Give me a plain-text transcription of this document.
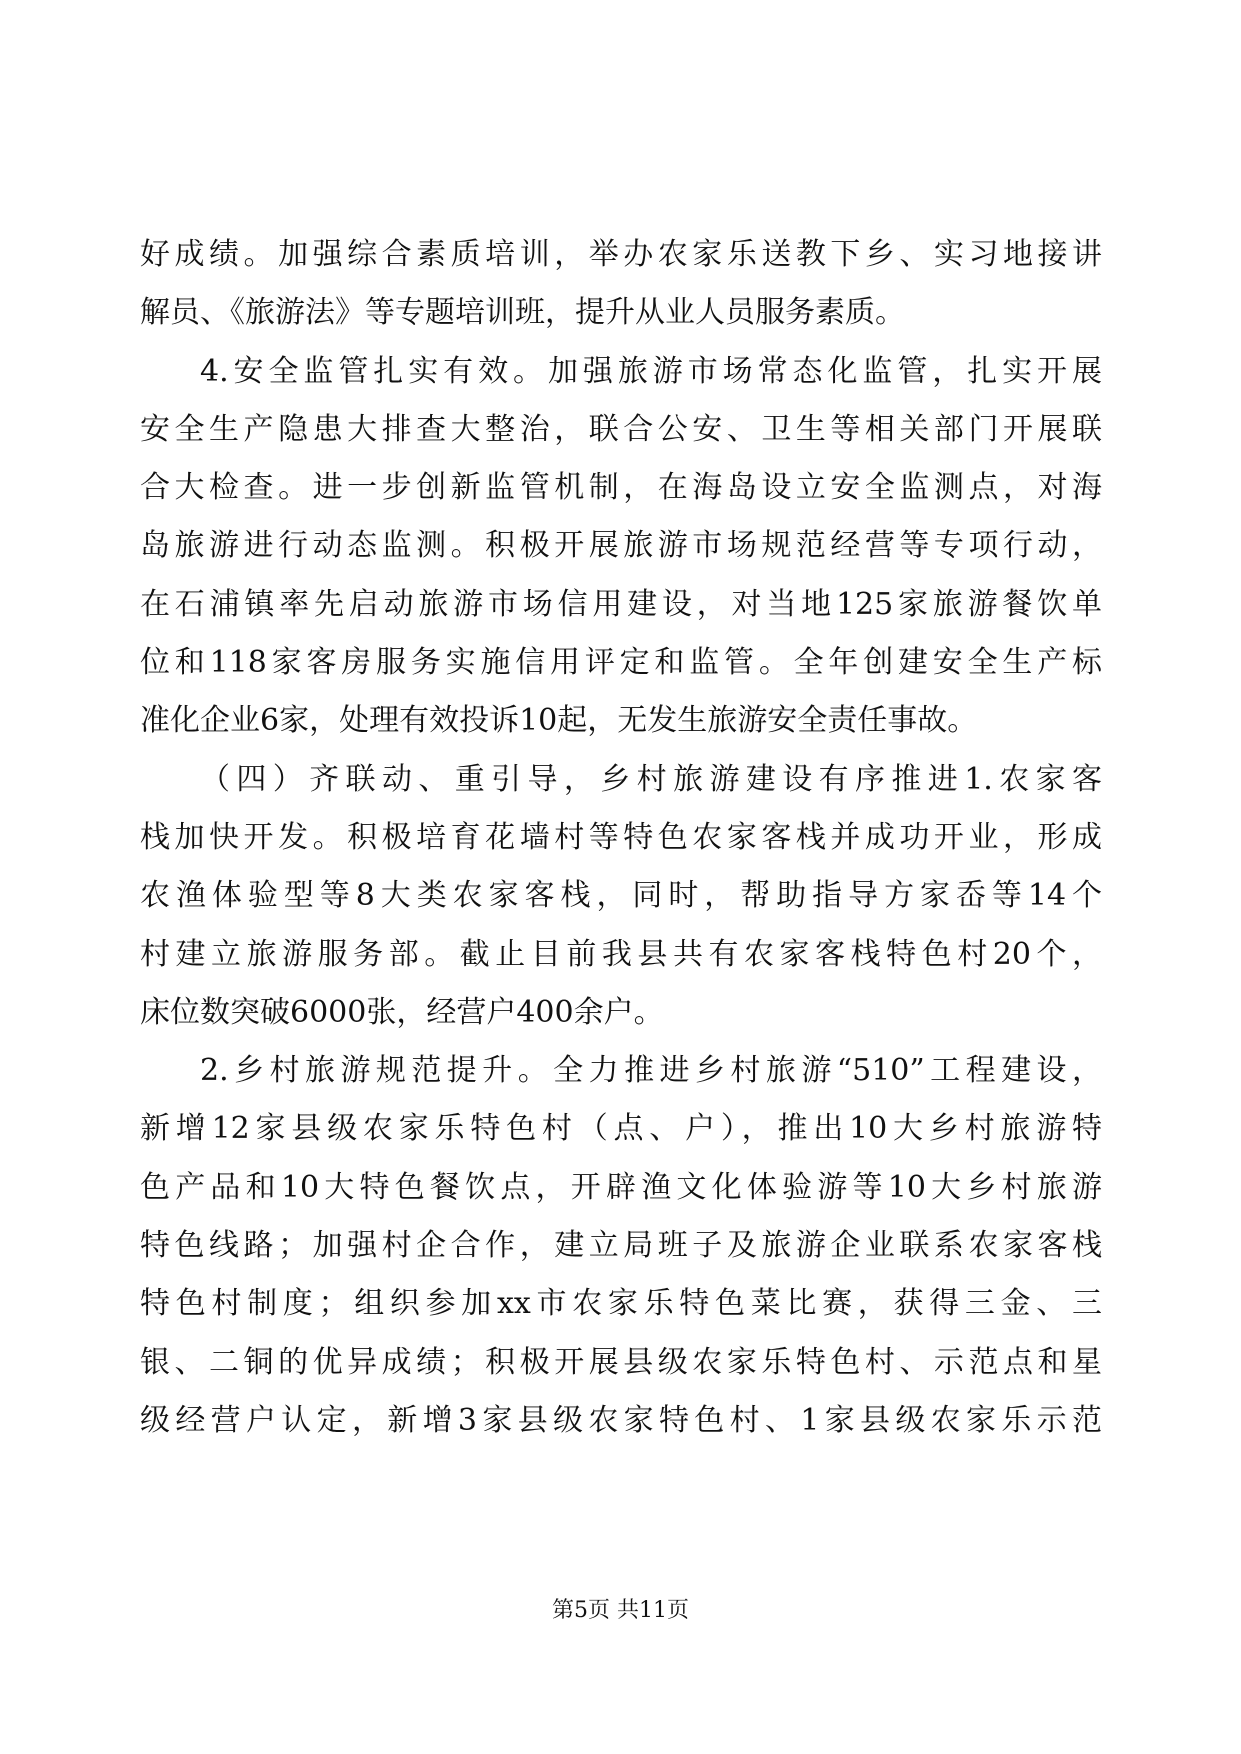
好成绩。加强综合素质培训，举办农家乐送教下乡、实习地接讲
解员、《旅游法》等专题培训班，提升从业人员服务素质。
4.安全监管扎实有效。加强旅游市场常态化监管，扎实开展
安全生产隐患大排查大整治，联合公安、卫生等相关部门开展联
合大检查。进一步创新监管机制，在海岛设立安全监测点，对海
岛旅游进行动态监测。积极开展旅游市场规范经营等专项行动，
在石浦镇率先启动旅游市场信用建设，对当地125家旅游餐饮单
位和118家客房服务实施信用评定和监管。全年创建安全生产标
准化企业6家，处理有效投诉10起，无发生旅游安全责任事故。
（四）齐联动、重引导，乡村旅游建设有序推进1.农家客
栈加快开发。积极培育花墙村等特色农家客栈并成功开业，形成
农渔体验型等8大类农家客栈，同时，帮助指导方家岙等14个
村建立旅游服务部。截止目前我县共有农家客栈特色村20个，
床位数突破6000张，经营户400余户。
2.乡村旅游规范提升。全力推进乡村旅游“510”工程建设，
新增12家县级农家乐特色村（点、户），推出10大乡村旅游特
色产品和10大特色餐饮点，开辟渔文化体验游等10大乡村旅游
特色线路；加强村企合作，建立局班子及旅游企业联系农家客栈
特色村制度；组织参加xx市农家乐特色菜比赛，获得三金、三
银、二铜的优异成绩；积极开展县级农家乐特色村、示范点和星
级经营户认定，新增3家县级农家特色村、1家县级农家乐示范
第5页 共11页
